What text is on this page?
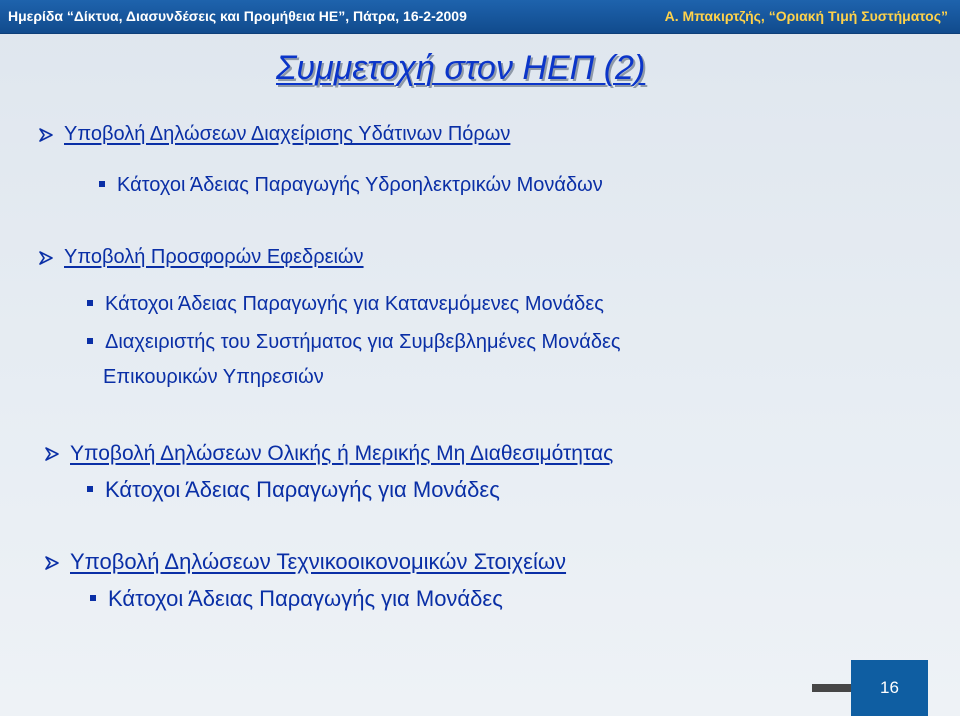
Ημερίδα “Δίκτυα, Διασυνδέσεις και Προμήθεια ΗΕ”, Πάτρα, 16-2-2009	Α. Μπακιρτζής, “Οριακή Τιμή Συστήματος”
Συμμετοχή στον ΗΕΠ (2)
Υποβολή Δηλώσεων Διαχείρισης Υδάτινων Πόρων
Κάτοχοι Άδειας Παραγωγής Υδροηλεκτρικών Μονάδων
Υποβολή Προσφορών Εφεδρειών
Κάτοχοι Άδειας Παραγωγής για Κατανεμόμενες Μονάδες
Διαχειριστής του Συστήματος για Συμβεβλημένες Μονάδες
Επικουρικών Υπηρεσιών
Υποβολή Δηλώσεων Ολικής ή Μερικής Μη Διαθεσιμότητας
Κάτοχοι Άδειας Παραγωγής για Μονάδες
Υποβολή Δηλώσεων Τεχνικοοικονομικών Στοιχείων
Κάτοχοι Άδειας Παραγωγής για Μονάδες
16
